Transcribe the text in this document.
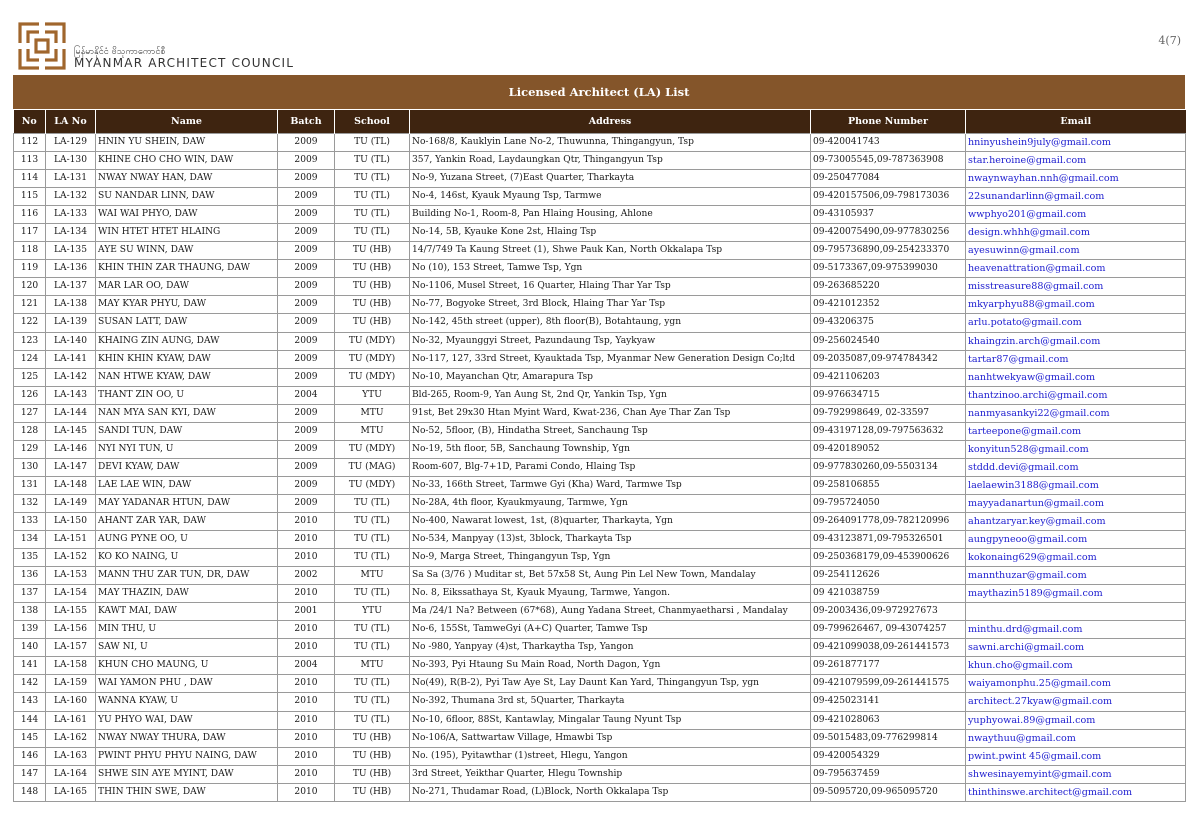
မြန်မာနိုင်ငံ ဗိသုကာကောင်စီ
MYANMAR ARCHITECT COUNCIL
4(7)
Licensed Architect (LA) List
No	LA No	Name	Batch	School	Address	Phone Number	Email
112	LA-129	HNIN YU SHEIN, DAW	2009	TU (TL)	No-168/8, Kauklyin Lane No-2, Thuwunna, Thingangyun, Tsp	09-420041743	hninyushein9july@gmail.com
113	LA-130	KHINE CHO CHO WIN, DAW	2009	TU (TL)	357, Yankin Road, Laydaungkan Qtr, Thingangyun Tsp	09-73005545,09-787363908	star.heroine@gmail.com
114	LA-131	NWAY NWAY HAN, DAW	2009	TU (TL)	No-9, Yuzana Street, (7)East Quarter, Tharkayta	09-250477084	nwaynwayhan.nnh@gmail.com
115	LA-132	SU NANDAR LINN, DAW	2009	TU (TL)	No-4, 146st, Kyauk Myaung Tsp, Tarmwe	09-420157506,09-798173036	22sunandarlinn@gmail.com
116	LA-133	WAI WAI PHYO, DAW	2009	TU (TL)	Building No-1, Room-8, Pan Hlaing Housing, Ahlone	09-43105937	wwphyo201@gmail.com
117	LA-134	WIN HTET HTET HLAING	2009	TU (TL)	No-14, 5B, Kyauke Kone 2st, Hlaing Tsp	09-420075490,09-977830256	design.whhh@gmail.com
118	LA-135	AYE SU WINN, DAW	2009	TU (HB)	14/7/749 Ta Kaung Street (1), Shwe Pauk Kan, North Okkalapa Tsp	09-795736890,09-254233370	ayesuwinn@gmail.com
119	LA-136	KHIN THIN ZAR THAUNG, DAW	2009	TU (HB)	No (10), 153 Street, Tamwe Tsp, Ygn	09-5173367,09-975399030	heavenattration@gmail.com
120	LA-137	MAR LAR OO, DAW	2009	TU (HB)	No-1106, Musel Street, 16 Quarter, Hlaing Thar Yar Tsp	09-263685220	misstreasure88@gmail.com
121	LA-138	MAY KYAR PHYU, DAW	2009	TU (HB)	No-77, Bogyoke Street, 3rd Block, Hlaing Thar Yar Tsp	09-421012352	mkyarphyu88@gmail.com
122	LA-139	SUSAN LATT, DAW	2009	TU (HB)	No-142, 45th street (upper), 8th floor(B), Botahtaung, ygn	09-43206375	arlu.potato@gmail.com
123	LA-140	KHAING ZIN AUNG, DAW	2009	TU (MDY)	No-32, Myaunggyi Street, Pazundaung Tsp, Yaykyaw	09-256024540	khaingzin.arch@gmail.com
124	LA-141	KHIN KHIN KYAW, DAW	2009	TU (MDY)	No-117, 127, 33rd Street, Kyauktada Tsp, Myanmar New Generation Design Co;ltd	09-2035087,09-974784342	tartar87@gmail.com
125	LA-142	NAN HTWE KYAW, DAW	2009	TU (MDY)	No-10, Mayanchan Qtr, Amarapura Tsp	09-421106203	nanhtwekyaw@gmail.com
126	LA-143	THANT ZIN OO, U	2004	YTU	Bld-265, Room-9, Yan Aung St, 2nd Qr, Yankin Tsp, Ygn	09-976634715	thantzinoo.archi@gmail.com
127	LA-144	NAN MYA SAN KYI, DAW	2009	MTU	91st, Bet 29x30 Htan Myint Ward, Kwat-236, Chan Aye Thar Zan Tsp	09-792998649, 02-33597	nanmyasankyi22@gmail.com
128	LA-145	SANDI TUN, DAW	2009	MTU	No-52, 5floor, (B), Hindatha Street, Sanchaung Tsp	09-43197128,09-797563632	tarteepone@gmail.com
129	LA-146	NYI NYI TUN, U	2009	TU (MDY)	No-19, 5th floor, 5B, Sanchaung Township, Ygn	09-420189052	konyitun528@gmail.com
130	LA-147	DEVI KYAW, DAW	2009	TU (MAG)	Room-607, Blg-7+1D, Parami Condo, Hlaing Tsp	09-977830260,09-5503134	stddd.devi@gmail.com
131	LA-148	LAE LAE WIN, DAW	2009	TU (MDY)	No-33, 166th Street, Tarmwe Gyi (Kha) Ward, Tarmwe Tsp	09-258106855	laelaewin3188@gmail.com
132	LA-149	MAY YADANAR HTUN, DAW	2009	TU (TL)	No-28A, 4th floor, Kyaukmyaung, Tarmwe, Ygn	09-795724050	mayyadanartun@gmail.com
133	LA-150	AHANT ZAR YAR, DAW	2010	TU (TL)	No-400, Nawarat lowest, 1st, (8)quarter, Tharkayta, Ygn	09-264091778,09-782120996	ahantzaryar.key@gmail.com
134	LA-151	AUNG PYNE OO, U	2010	TU (TL)	No-534, Manpyay (13)st, 3block, Tharkayta Tsp	09-43123871,09-795326501	aungpyneoo@gmail.com
135	LA-152	KO KO NAING, U	2010	TU (TL)	No-9, Marga Street, Thingangyun Tsp, Ygn	09-250368179,09-453900626	kokonaing629@gmail.com
136	LA-153	MANN THU ZAR TUN, DR, DAW	2002	MTU	Sa Sa (3/76 ) Muditar st, Bet 57x58 St, Aung Pin Lel New Town, Mandalay	09-254112626	mannthuzar@gmail.com
137	LA-154	MAY THAZIN, DAW	2010	TU (TL)	No. 8, Eikssathaya St, Kyauk Myaung, Tarmwe, Yangon.	09 421038759	maythazin5189@gmail.com
138	LA-155	KAWT MAI, DAW	2001	YTU	Ma /24/1 Na? Between (67*68), Aung Yadana Street, Chanmyaetharsi , Mandalay	09-2003436,09-972927673	
139	LA-156	MIN THU, U	2010	TU (TL)	No-6, 155St, TamweGyi (A+C) Quarter, Tamwe Tsp	09-799626467, 09-43074257	minthu.drd@gmail.com
140	LA-157	SAW NI, U	2010	TU (TL)	No -980, Yanpyay (4)st, Tharkaytha Tsp, Yangon	09-421099038,09-261441573	sawni.archi@gmail.com
141	LA-158	KHUN CHO MAUNG, U	2004	MTU	No-393, Pyi Htaung Su Main Road, North Dagon, Ygn	09-261877177	khun.cho@gmail.com
142	LA-159	WAI YAMON PHU , DAW	2010	TU (TL)	No(49), R(B-2), Pyi Taw Aye St, Lay Daunt Kan Yard, Thingangyun Tsp, ygn	09-421079599,09-261441575	waiyamonphu.25@gmail.com
143	LA-160	WANNA KYAW, U	2010	TU (TL)	No-392, Thumana 3rd st, 5Quarter, Tharkayta	09-425023141	architect.27kyaw@gmail.com
144	LA-161	YU PHYO WAI, DAW	2010	TU (TL)	No-10, 6floor, 88St, Kantawlay, Mingalar Taung Nyunt Tsp	09-421028063	yuphyowai.89@gmail.com
145	LA-162	NWAY NWAY THURA, DAW	2010	TU (HB)	No-106/A, Sattwartaw Village, Hmawbi Tsp	09-5015483,09-776299814	nwaythuu@gmail.com
146	LA-163	PWINT PHYU PHYU NAING, DAW	2010	TU (HB)	No. (195), Pyitawthar (1)street, Hlegu, Yangon	09-420054329	pwint.pwint 45@gmail.com
147	LA-164	SHWE SIN AYE MYINT, DAW	2010	TU (HB)	3rd Street, Yeikthar Quarter, Hlegu Township	09-795637459	shwesinayemyint@gmail.com
148	LA-165	THIN THIN SWE, DAW	2010	TU (HB)	No-271, Thudamar Road, (L)Block, North Okkalapa Tsp	09-5095720,09-965095720	thinthinswe.architect@gmail.com
